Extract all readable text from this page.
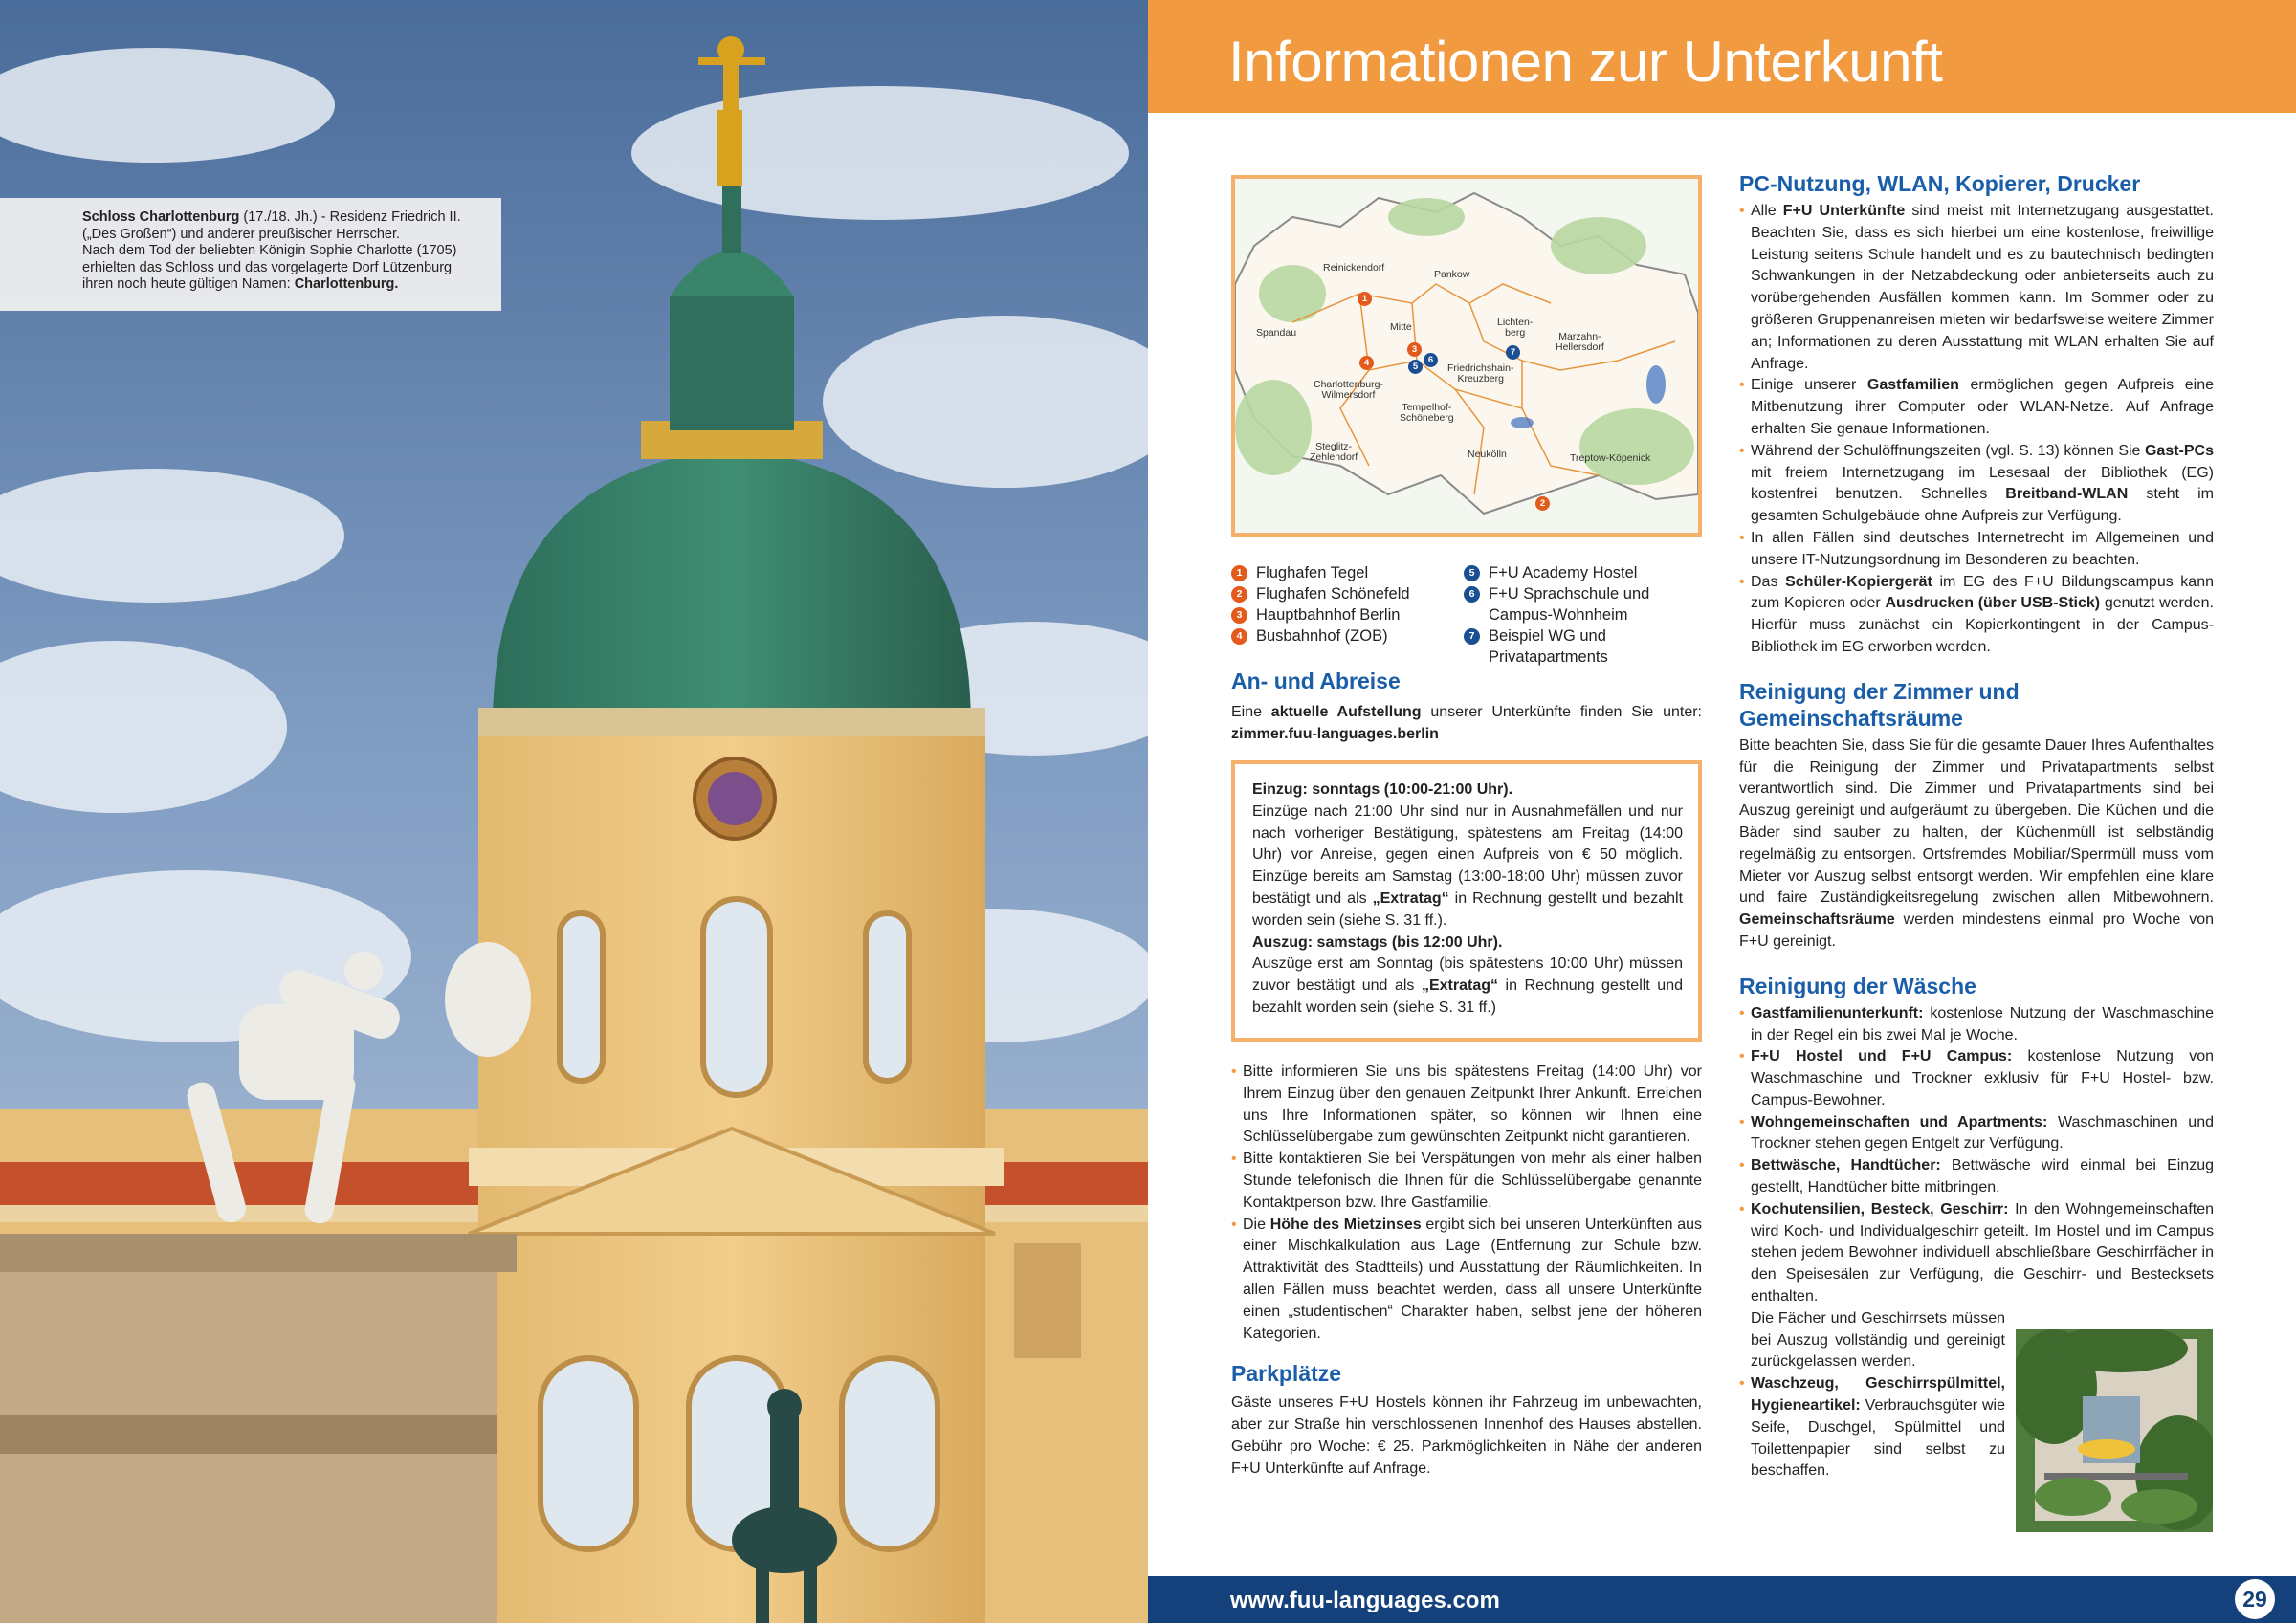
Schloss Charlottenburg (17./18. Jh.) - Residenz Friedrich II.
(„Des Großen“) und anderer preußischer Herrscher.
Nach dem Tod der beliebten Königin Sophie Charlotte (1705)
erhielten das Schloss und das vorgelagerte Dorf Lützenburg
ihren noch heute gültigen Namen: Charlottenburg.
Informationen zur Unterkunft
Reinickendorf
Pankow
Spandau	Mitte	Lichten-
berg	Marzahn-
Hellersdorf
Friedrichshain-
Kreuzberg
Charlottenburg-
Wilmersdorf
Tempelhof-
Schöneberg
Steglitz-
Zehlendorf	Neukölln	Treptow-Köpenick
1
2
3
4	5
6
7
1 Flughafen Tegel
2 Flughafen Schönefeld
3 Hauptbahnhof Berlin
4 Busbahnhof (ZOB)
5 F+U Academy Hostel
6 F+U Sprachschule und Campus-Wohnheim
7 Beispiel WG und Privatapartments
An- und Abreise

Eine aktuelle Aufstellung unserer Unterkünfte finden Sie unter: zimmer.fuu-languages.berlin

Einzug: sonntags (10:00-21:00 Uhr).

Einzüge nach 21:00 Uhr sind nur in Ausnahmefällen und nur nach vorheriger Bestätigung, spätestens am Freitag (14:00 Uhr) vor Anreise, gegen einen Aufpreis von € 50 möglich. Einzüge bereits am Samstag (13:00-18:00 Uhr) müssen zuvor bestätigt und als „Extratag“ in Rechnung gestellt und bezahlt worden sein (siehe S. 31 ff.).

Auszug: samstags (bis 12:00 Uhr).

Auszüge erst am Sonntag (bis spätestens 10:00 Uhr) müssen zuvor bestätigt und als „Extratag“ in Rechnung gestellt und bezahlt worden sein (siehe S. 31 ff.)

• Bitte informieren Sie uns bis spätestens Freitag (14:00 Uhr) vor Ihrem Einzug über den genauen Zeitpunkt Ihrer Ankunft. Erreichen uns Ihre Informationen später, so können wir Ihnen eine Schlüsselübergabe zum gewünschten Zeitpunkt nicht garantieren.
• Bitte kontaktieren Sie bei Verspätungen von mehr als einer halben Stunde telefonisch die Ihnen für die Schlüsselübergabe genannte Kontaktperson bzw. Ihre Gastfamilie.
• Die Höhe des Mietzinses ergibt sich bei unseren Unterkünften aus einer Mischkalkulation aus Lage (Entfernung zur Schule bzw. Attraktivität des Stadtteils) und Ausstattung der Räumlichkeiten. In allen Fällen muss beachtet werden, dass all unsere Unterkünfte einen „studentischen“ Charakter haben, selbst jene der höheren Kategorien.
Parkplätze

Gäste unseres F+U Hostels können ihr Fahrzeug im unbewachten, aber zur Straße hin verschlossenen Innenhof des Hauses abstellen. Gebühr pro Woche: € 25. Parkmöglichkeiten in Nähe der anderen F+U Unterkünfte auf Anfrage.

PC-Nutzung, WLAN, Kopierer, Drucker
• Alle F+U Unterkünfte sind meist mit Internetzugang ausgestattet. Beachten Sie, dass es sich hierbei um eine kostenlose, freiwillige Leistung seitens Schule handelt und es zu bautechnisch bedingten Schwankungen in der Netzabdeckung oder anbieterseits auch zu vorübergehenden Ausfällen kommen kann. Im Sommer oder zu größeren Gruppenanreisen mieten wir bedarfsweise weitere Zimmer an; Informationen zu deren Ausstattung mit WLAN erhalten Sie auf Anfrage.
• Einige unserer Gastfamilien ermöglichen gegen Aufpreis eine Mitbenutzung ihrer Computer oder WLAN-Netze. Auf Anfrage erhalten Sie genaue Informationen.
• Während der Schulöffnungszeiten (vgl. S. 13) können Sie Gast-PCs mit freiem Internetzugang im Lesesaal der Bibliothek (EG) kostenfrei benutzen. Schnelles Breitband-WLAN steht im gesamten Schulgebäude ohne Aufpreis zur Verfügung.
• In allen Fällen sind deutsches Internetrecht im Allgemeinen und unsere IT-Nutzungsordnung im Besonderen zu beachten.
• Das Schüler-Kopiergerät im EG des F+U Bildungscampus kann zum Kopieren oder Ausdrucken (über USB-Stick) genutzt werden. Hierfür muss zunächst ein Kopierkontingent in der Campus-Bibliothek im EG erworben werden.
Reinigung der Zimmer und Gemeinschaftsräume

Bitte beachten Sie, dass Sie für die gesamte Dauer Ihres Aufenthaltes für die Reinigung der Zimmer und Privatapartments selbst verantwortlich sind. Die Zimmer und Privatapartments sind bei Auszug gereinigt und aufgeräumt zu übergeben. Die Küchen und die Bäder sind sauber zu halten, der Küchenmüll ist selbständig regelmäßig zu entsorgen. Ortsfremdes Mobiliar/Sperrmüll muss vom Mieter vor Auszug selbst entsorgt werden. Wir empfehlen eine klare und faire Zuständigkeitsregelung zwischen allen Mitbewohnern. Gemeinschaftsräume werden mindestens einmal pro Woche von F+U gereinigt.

Reinigung der Wäsche
• Gastfamilienunterkunft: kostenlose Nutzung der Waschmaschine in der Regel ein bis zwei Mal je Woche.
• F+U Hostel und F+U Campus: kostenlose Nutzung von Waschmaschine und Trockner exklusiv für F+U Hostel- bzw. Campus-Bewohner.
• Wohngemeinschaften und Apartments: Waschmaschinen und Trockner stehen gegen Entgelt zur Verfügung.
• Bettwäsche, Handtücher: Bettwäsche wird einmal bei Einzug gestellt, Handtücher bitte mitbringen.
• Kochutensilien, Besteck, Geschirr: In den Wohngemeinschaften wird Koch- und Individualgeschirr geteilt. Im Hostel und im Campus stehen jedem Bewohner individuell abschließbare Geschirrfächer in den Speisesälen zur Verfügung, die Geschirr- und Bestecksets enthalten.

Die Fächer und Geschirrsets müssen bei Auszug vollständig und gereinigt zurückgelassen werden.

• Waschzeug, Geschirrspülmittel, Hygieneartikel: Verbrauchsgüter wie Seife, Duschgel, Spülmittel und Toilettenpapier sind selbst zu beschaffen.
www.fuu-languages.com	29
